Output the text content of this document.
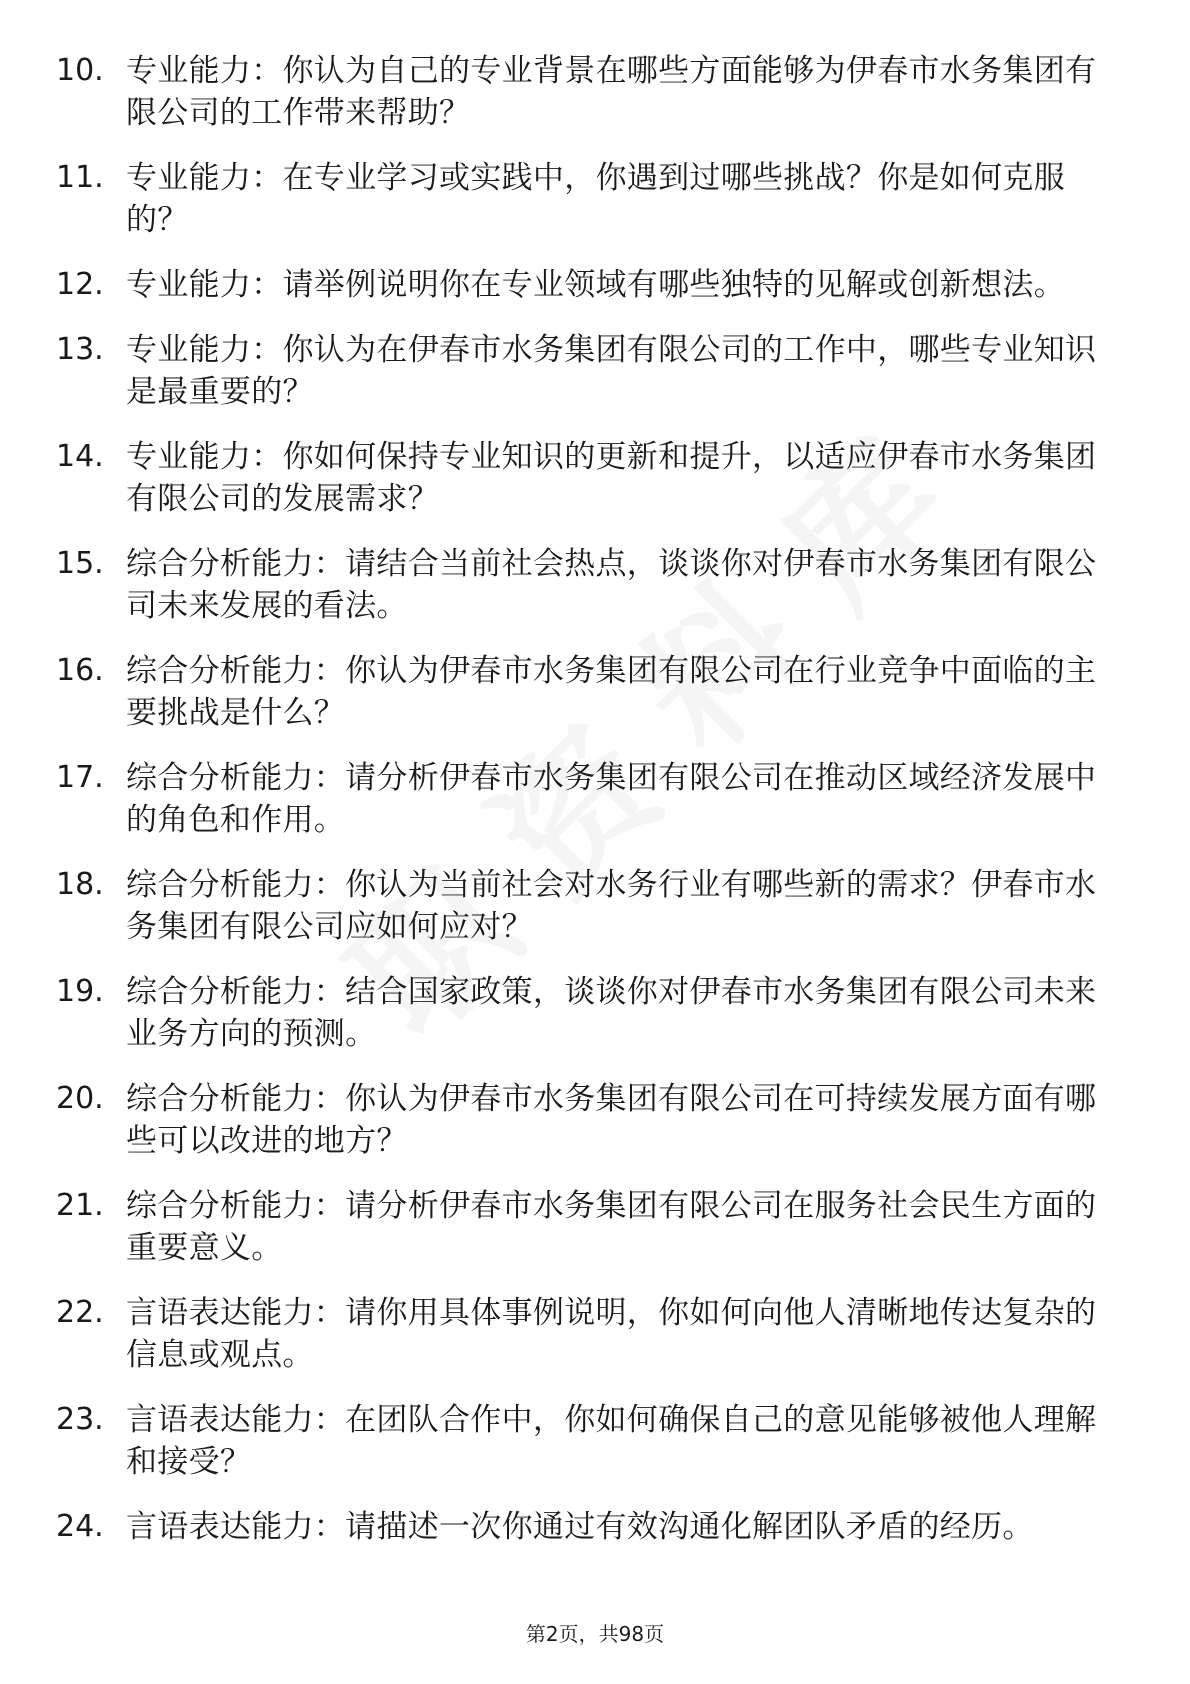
10. 专业能力：你认为自己的专业背景在哪些方面能够为伊春市水务集团有限公司的工作带来帮助？
11. 专业能力：在专业学习或实践中，你遇到过哪些挑战？你是如何克服的？
12. 专业能力：请举例说明你在专业领域有哪些独特的见解或创新想法。
13. 专业能力：你认为在伊春市水务集团有限公司的工作中，哪些专业知识是最重要的？
14. 专业能力：你如何保持专业知识的更新和提升，以适应伊春市水务集团有限公司的发展需求？
15. 综合分析能力：请结合当前社会热点，谈谈你对伊春市水务集团有限公司未来发展的看法。
16. 综合分析能力：你认为伊春市水务集团有限公司在行业竞争中面临的主要挑战是什么？
17. 综合分析能力：请分析伊春市水务集团有限公司在推动区域经济发展中的角色和作用。
18. 综合分析能力：你认为当前社会对水务行业有哪些新的需求？伊春市水务集团有限公司应如何应对？
19. 综合分析能力：结合国家政策，谈谈你对伊春市水务集团有限公司未来业务方向的预测。
20. 综合分析能力：你认为伊春市水务集团有限公司在可持续发展方面有哪些可以改进的地方？
21. 综合分析能力：请分析伊春市水务集团有限公司在服务社会民生方面的重要意义。
22. 言语表达能力：请你用具体事例说明，你如何向他人清晰地传达复杂的信息或观点。
23. 言语表达能力：在团队合作中，你如何确保自己的意见能够被他人理解和接受？
24. 言语表达能力：请描述一次你通过有效沟通化解团队矛盾的经历。
第2页，共98页
